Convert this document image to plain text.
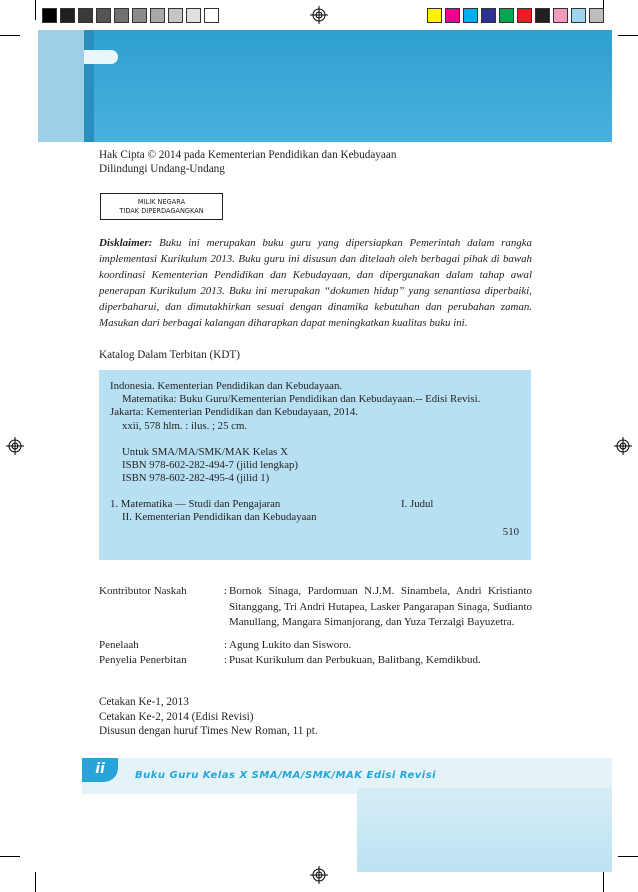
Hak Cipta © 2014 pada Kementerian Pendidikan dan Kebudayaan
Dilindungi Undang-Undang
MILIK NEGARA
TIDAK DIPERDAGANGKAN
Disklaimer: Buku ini merupakan buku guru yang dipersiapkan Pemerintah dalam rangka implementasi Kurikulum 2013. Buku guru ini disusun dan ditelaah oleh berbagai pihak di bawah koordinasi Kementerian Pendidikan dan Kebudayaan, dan dipergunakan dalam tahap awal penerapan Kurikulum 2013. Buku ini merupakan “dokumen hidup” yang senantiasa diperbaiki, diperbaharui, dan dimutakhirkan sesuai dengan dinamika kebutuhan dan perubahan zaman. Masukan dari berbagai kalangan diharapkan dapat meningkatkan kualitas buku ini.
Katalog Dalam Terbitan (KDT)
Indonesia. Kementerian Pendidikan dan Kebudayaan.
Matematika: Buku Guru/Kementerian Pendidikan dan Kebudayaan.-- Edisi Revisi.
Jakarta: Kementerian Pendidikan dan Kebudayaan, 2014.
xxii, 578 hlm. : ilus. ; 25 cm.
Untuk SMA/MA/SMK/MAK Kelas X
ISBN 978-602-282-494-7 (jilid lengkap)
ISBN 978-602-282-495-4 (jilid 1)
1. Matematika — Studi dan Pengajaran	I. Judul
II. Kementerian Pendidikan dan Kebudayaan
510
Kontributor Naskah	: Bornok Sinaga, Pardomuan N.J.M. Sinambela, Andri Kristianto Sitanggang, Tri Andri Hutapea, Lasker Pangarapan Sinaga, Sudianto Manullang, Mangara Simanjorang, dan Yuza Terzalgi Bayuzetra.
Penelaah	: Agung Lukito dan Sisworo.
Penyelia Penerbitan	: Pusat Kurikulum dan Perbukuan, Balitbang, Kemdikbud.
Cetakan Ke-1, 2013
Cetakan Ke-2, 2014 (Edisi Revisi)
Disusun dengan huruf Times New Roman, 11 pt.
ii	Buku Guru Kelas X SMA/MA/SMK/MAK Edisi Revisi
